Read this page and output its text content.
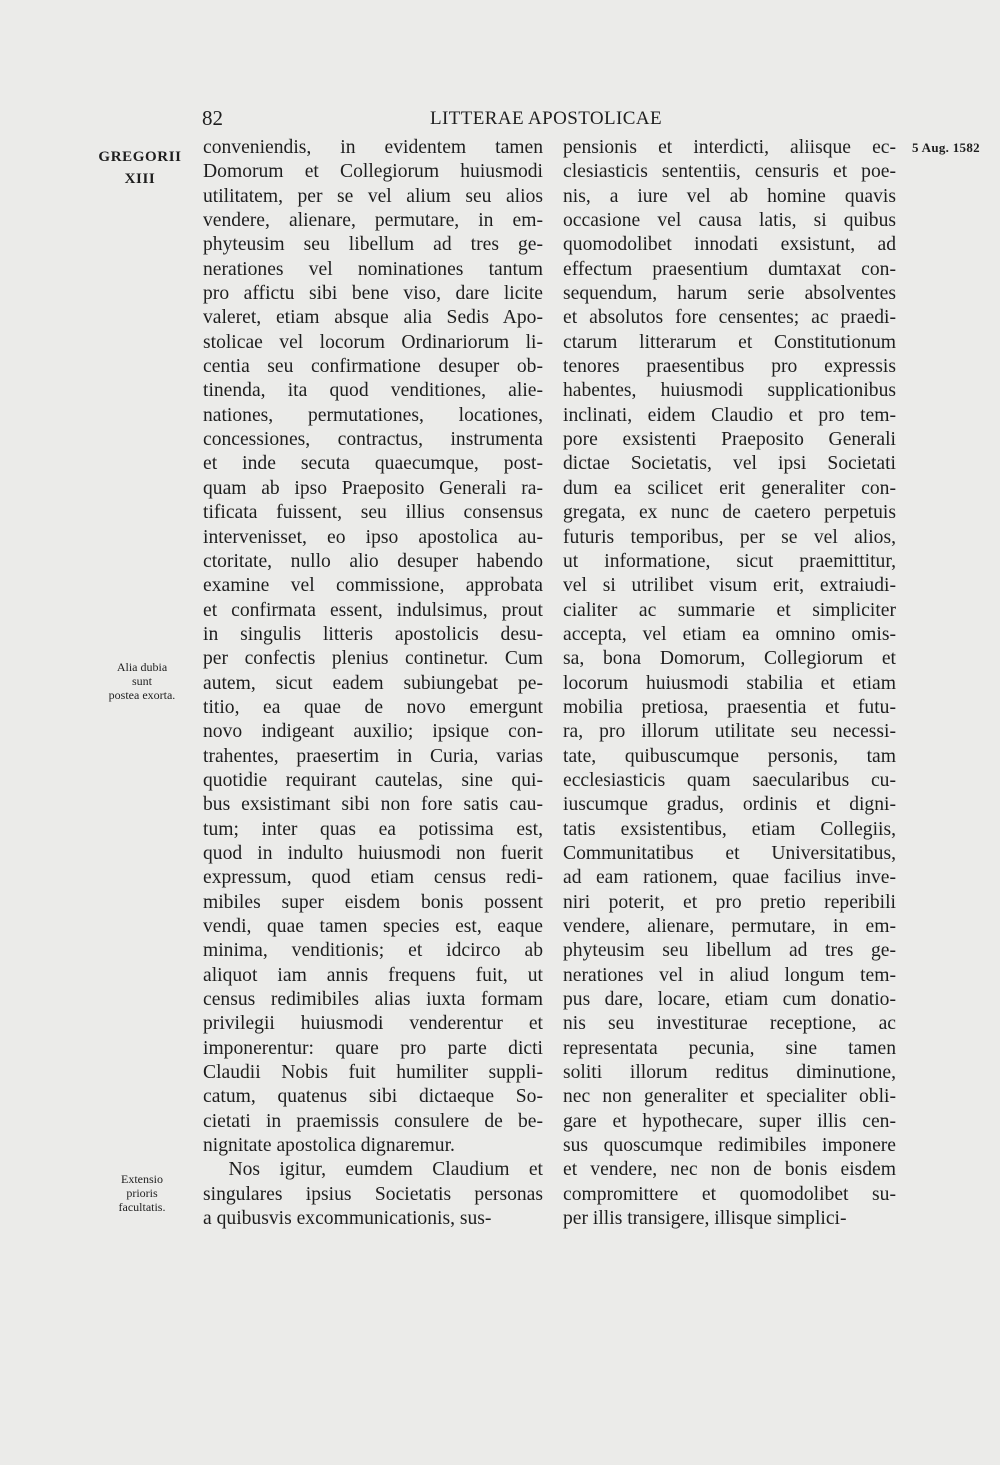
82	LITTERAE APOSTOLICAE
GREGORII
XIII
5 Aug. 1582
Alia dubia
sunt
postea exorta.
Extensio
prioris
facultatis.
conveniendis, in evidentem tamen
Domorum et Collegiorum huiusmodi
utilitatem, per se vel alium seu alios
vendere, alienare, permutare, in em-
phyteusim seu libellum ad tres ge-
nerationes vel nominationes tantum
pro affictu sibi bene viso, dare licite
valeret, etiam absque alia Sedis Apo-
stolicae vel locorum Ordinariorum li-
centia seu confirmatione desuper ob-
tinenda, ita quod venditiones, alie-
nationes, permutationes, locationes,
concessiones, contractus, instrumenta
et inde secuta quaecumque, post-
quam ab ipso Praeposito Generali ra-
tificata fuissent, seu illius consensus
intervenisset, eo ipso apostolica au-
ctoritate, nullo alio desuper habendo
examine vel commissione, approbata
et confirmata essent, indulsimus, prout
in singulis litteris apostolicis desu-
per confectis plenius continetur. Cum
autem, sicut eadem subiungebat pe-
titio, ea quae de novo emergunt
novo indigeant auxilio; ipsique con-
trahentes, praesertim in Curia, varias
quotidie requirant cautelas, sine qui-
bus exsistimant sibi non fore satis cau-
tum; inter quas ea potissima est,
quod in indulto huiusmodi non fuerit
expressum, quod etiam census redi-
mibiles super eisdem bonis possent
vendi, quae tamen species est, eaque
minima, venditionis; et idcirco ab
aliquot iam annis frequens fuit, ut
census redimibiles alias iuxta formam
privilegii huiusmodi venderentur et
imponerentur: quare pro parte dicti
Claudii Nobis fuit humiliter suppli-
catum, quatenus sibi dictaeque So-
cietati in praemissis consulere de be-
nignitate apostolica dignaremur.
Nos igitur, eumdem Claudium et
singulares ipsius Societatis personas
a quibusvis excommunicationis, sus-
pensionis et interdicti, aliisque ec-
clesiasticis sententiis, censuris et poe-
nis, a iure vel ab homine quavis
occasione vel causa latis, si quibus
quomodolibet innodati exsistunt, ad
effectum praesentium dumtaxat con-
sequendum, harum serie absolventes
et absolutos fore censentes; ac praedi-
ctarum litterarum et Constitutionum
tenores praesentibus pro expressis
habentes, huiusmodi supplicationibus
inclinati, eidem Claudio et pro tem-
pore exsistenti Praeposito Generali
dictae Societatis, vel ipsi Societati
dum ea scilicet erit generaliter con-
gregata, ex nunc de caetero perpetuis
futuris temporibus, per se vel alios,
ut informatione, sicut praemittitur,
vel si utrilibet visum erit, extraiudi-
cialiter ac summarie et simpliciter
accepta, vel etiam ea omnino omis-
sa, bona Domorum, Collegiorum et
locorum huiusmodi stabilia et etiam
mobilia pretiosa, praesentia et futu-
ra, pro illorum utilitate seu necessi-
tate, quibuscumque personis, tam
ecclesiasticis quam saecularibus cu-
iuscumque gradus, ordinis et digni-
tatis exsistentibus, etiam Collegiis,
Communitatibus et Universitatibus,
ad eam rationem, quae facilius inve-
niri poterit, et pro pretio reperibili
vendere, alienare, permutare, in em-
phyteusim seu libellum ad tres ge-
nerationes vel in aliud longum tem-
pus dare, locare, etiam cum donatio-
nis seu investiturae receptione, ac
representata pecunia, sine tamen
soliti illorum reditus diminutione,
nec non generaliter et specialiter obli-
gare et hypothecare, super illis cen-
sus quoscumque redimibiles imponere
et vendere, nec non de bonis eisdem
compromittere et quomodolibet su-
per illis transigere, illisque simplici-
